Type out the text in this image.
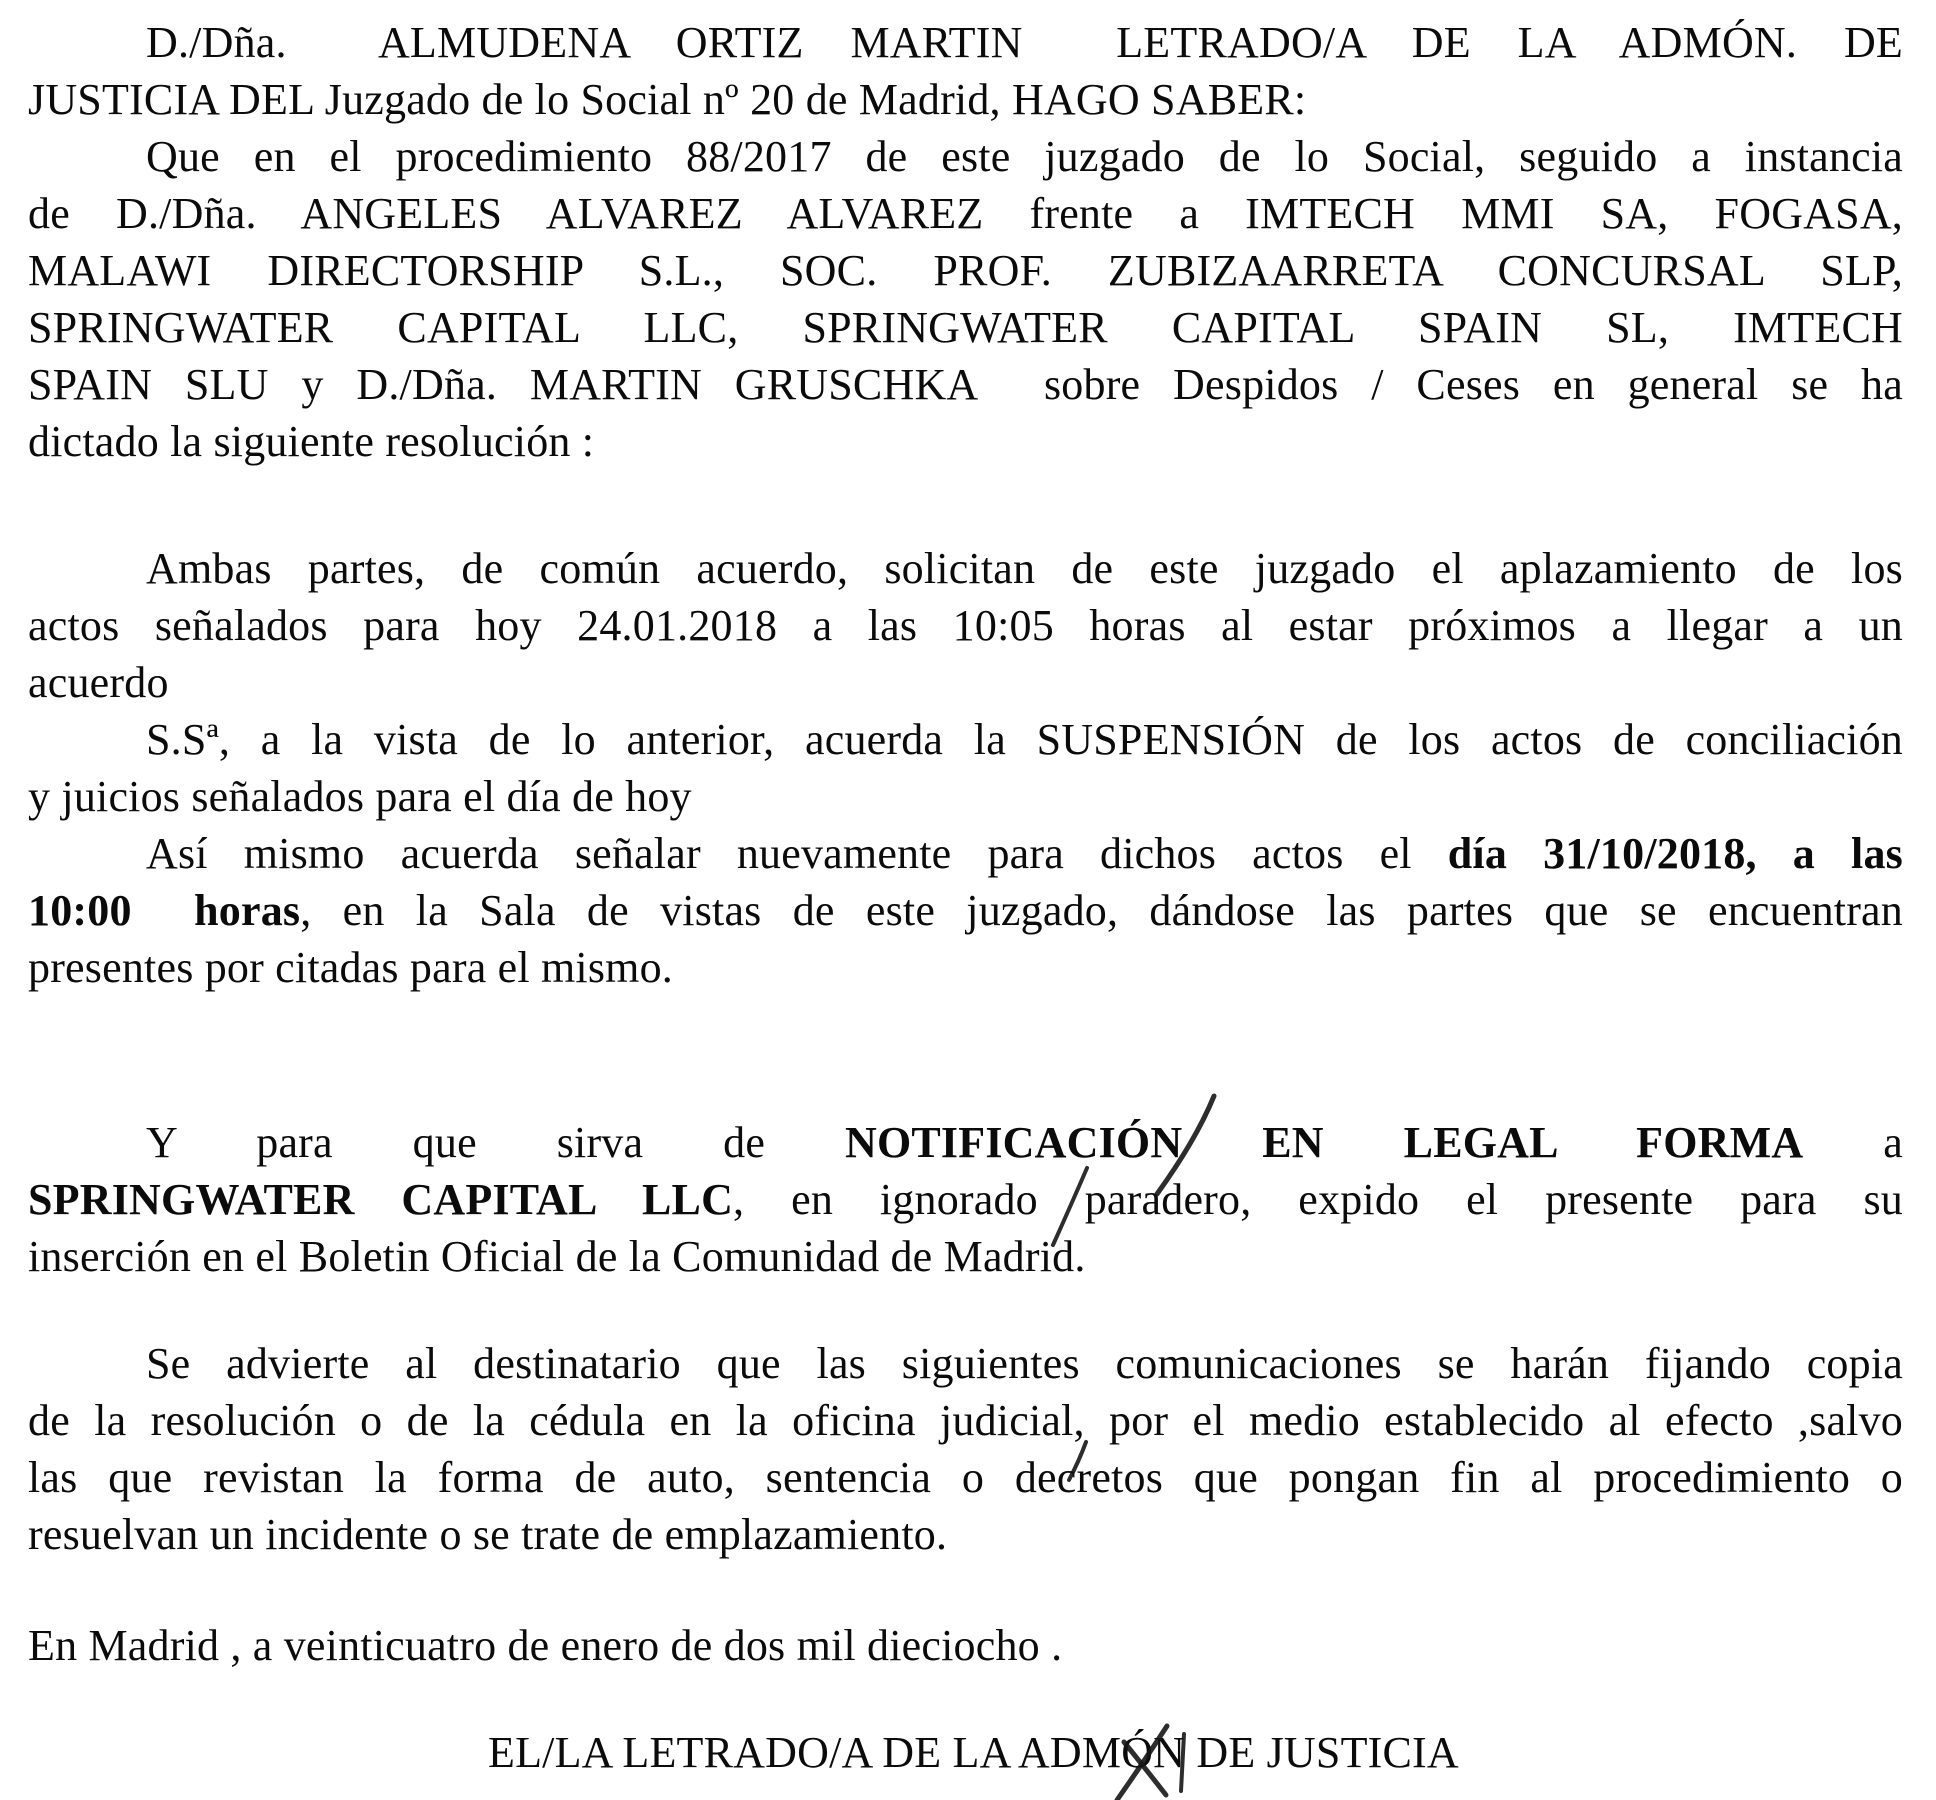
D./Dña.  ALMUDENA ORTIZ MARTIN  LETRADO/A DE LA ADMÓN. DE
JUSTICIA DEL Juzgado de lo Social nº 20 de Madrid, HAGO SABER:
Que en el procedimiento 88/2017 de este juzgado de lo Social, seguido a instancia
de D./Dña. ANGELES ALVAREZ ALVAREZ frente a IMTECH MMI SA, FOGASA,
MALAWI DIRECTORSHIP S.L., SOC. PROF. ZUBIZAARRETA CONCURSAL SLP,
SPRINGWATER CAPITAL LLC, SPRINGWATER CAPITAL SPAIN SL, IMTECH
SPAIN SLU y D./Dña. MARTIN GRUSCHKA  sobre Despidos / Ceses en general se ha
dictado la siguiente resolución :
Ambas partes, de común acuerdo, solicitan de este juzgado el aplazamiento de los
actos señalados para hoy 24.01.2018 a las 10:05 horas al estar próximos a llegar a un
acuerdo
S.Sª, a la vista de lo anterior, acuerda la SUSPENSIÓN de los actos de conciliación
y juicios señalados para el día de hoy
Así mismo acuerda señalar nuevamente para dichos actos el día 31/10/2018, a las
10:00  horas, en la Sala de vistas de este juzgado, dándose las partes que se encuentran
presentes por citadas para el mismo.
Y para que sirva de NOTIFICACIÓN EN LEGAL FORMA a
SPRINGWATER CAPITAL LLC, en ignorado paradero, expido el presente para su
inserción en el Boletin Oficial de la Comunidad de Madrid.
Se advierte al destinatario que las siguientes comunicaciones se harán fijando copia
de la resolución o de la cédula en la oficina judicial, por el medio establecido al efecto ,salvo
las que revistan la forma de auto, sentencia o decretos que pongan fin al procedimiento o
resuelvan un incidente o se trate de emplazamiento.
En Madrid , a veinticuatro de enero de dos mil dieciocho .
EL/LA LETRADO/A DE LA ADMÓN DE JUSTICIA
